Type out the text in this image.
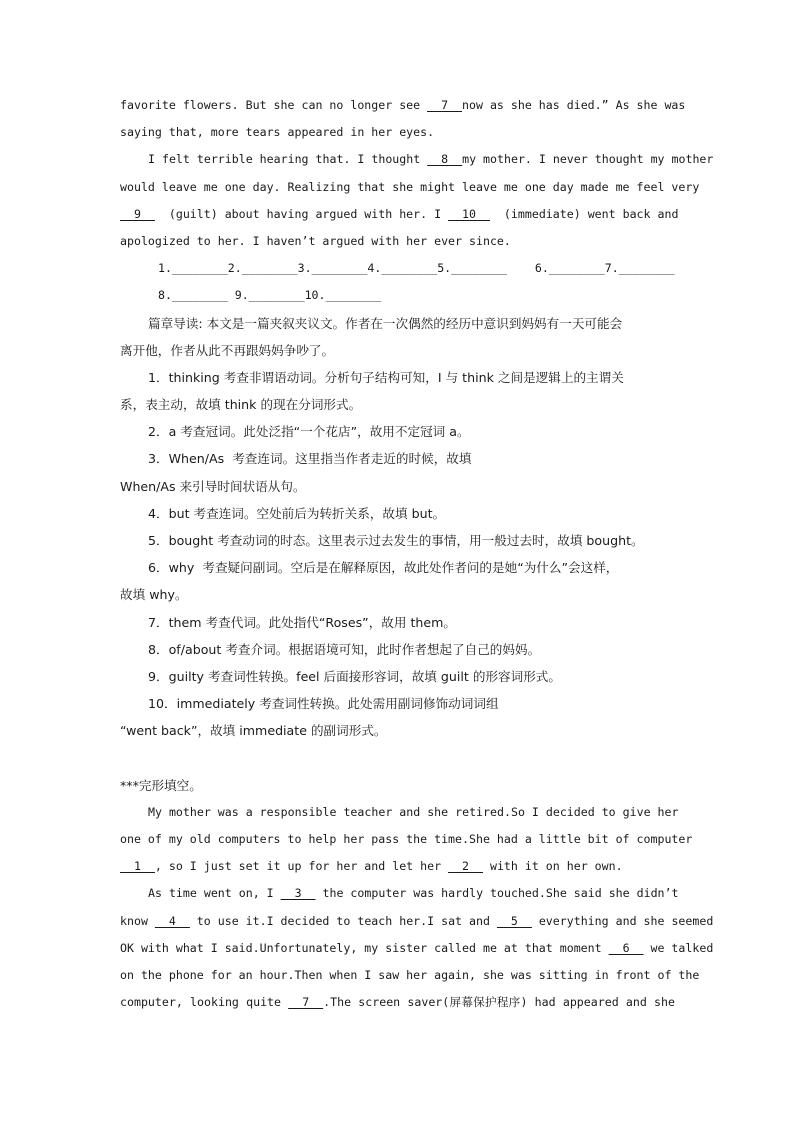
favorite flowers. But she can no longer see __7__now as she has died.” As she was
saying that, more tears appeared in her eyes.
I felt terrible hearing that. I thought __8__my mother. I never thought my mother
would leave me one day. Realizing that she might leave me one day made me feel very
__9__  (guilt) about having argued with her. I __10__  (immediate) went back and
apologized to her. I haven’t argued with her ever since.
1.________2.________3.________4.________5.________    6.________7.________
8.________ 9.________10.________
篇章导读: 本文是一篇夹叙夹议文。作者在一次偶然的经历中意识到妈妈有一天可能会
离开他，作者从此不再跟妈妈争吵了。
1．thinking 考查非谓语动词。分析句子结构可知，I 与 think 之间是逻辑上的主谓关
系，表主动，故填 think 的现在分词形式。
2．a 考查冠词。此处泛指“一个花店”，故用不定冠词 a。
3．When/As  考查连词。这里指当作者走近的时候，故填
When/As 来引导时间状语从句。
4．but 考查连词。空处前后为转折关系，故填 but。
5．bought 考查动词的时态。这里表示过去发生的事情，用一般过去时，故填 bought。
6．why  考查疑问副词。空后是在解释原因，故此处作者问的是她“为什么”会这样，
故填 why。
7．them 考查代词。此处指代“Roses”，故用 them。
8．of/about 考查介词。根据语境可知，此时作者想起了自己的妈妈。
9．guilty 考查词性转换。feel 后面接形容词，故填 guilt 的形容词形式。
10．immediately 考查词性转换。此处需用副词修饰动词词组
“went back”，故填 immediate 的副词形式。
***完形填空。
My mother was a responsible teacher and she retired.So I decided to give her
one of my old computers to help her pass the time.She had a little bit of computer
__1__, so I just set it up for her and let her __2__ with it on her own.
As time went on, I __3__ the computer was hardly touched.She said she didn’t
know __4__ to use it.I decided to teach her.I sat and __5__ everything and she seemed
OK with what I said.Unfortunately, my sister called me at that moment __6__ we talked
on the phone for an hour.Then when I saw her again, she was sitting in front of the
computer, looking quite __7__.The screen saver(屏幕保护程序) had appeared and she
